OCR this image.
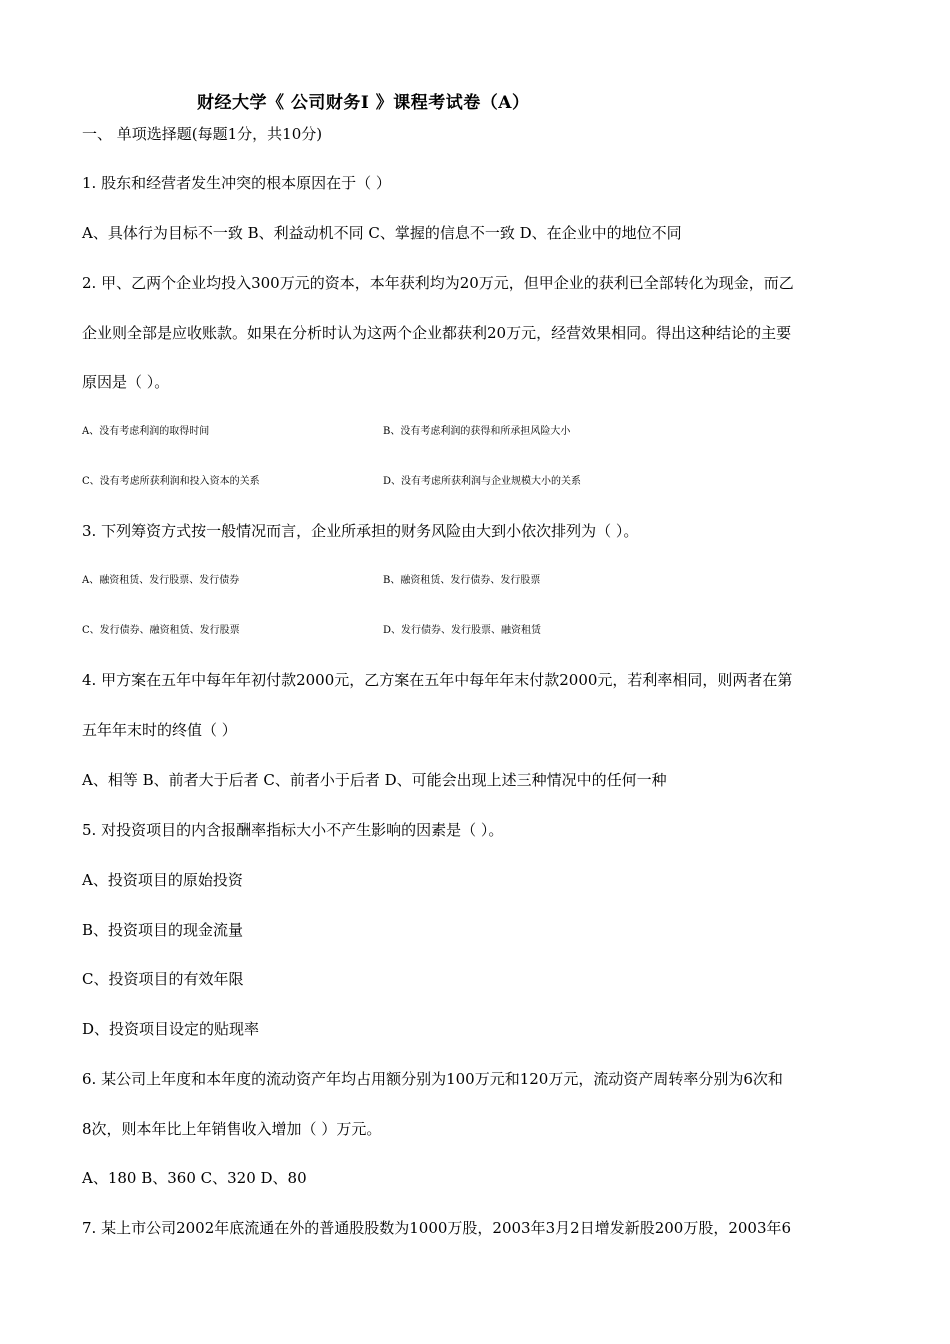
财经大学《 公司财务Ⅰ 》课程考试卷（A）
一、 单项选择题(每题1分，共10分)
1. 股东和经营者发生冲突的根本原因在于（ ）
A、具体行为目标不一致 B、利益动机不同 C、掌握的信息不一致 D、在企业中的地位不同
2. 甲、乙两个企业均投入300万元的资本，本年获利均为20万元，但甲企业的获利已全部转化为现金，而乙
企业则全部是应收账款。如果在分析时认为这两个企业都获利20万元，经营效果相同。得出这种结论的主要
原因是（ ）。
A、没有考虑利润的取得时间	B、没有考虑利润的获得和所承担风险大小
C、没有考虑所获利润和投入资本的关系	D、没有考虑所获利润与企业规模大小的关系
3. 下列筹资方式按一般情况而言，企业所承担的财务风险由大到小依次排列为（ ）。
A、融资租赁、发行股票、发行债券	B、融资租赁、发行债券、发行股票
C、发行债券、融资租赁、发行股票	D、发行债券、发行股票、融资租赁
4. 甲方案在五年中每年年初付款2000元，乙方案在五年中每年年末付款2000元，若利率相同，则两者在第
五年年末时的终值（ ）
A、相等 B、前者大于后者 C、前者小于后者 D、可能会出现上述三种情况中的任何一种
5. 对投资项目的内含报酬率指标大小不产生影响的因素是（ ）。
A、投资项目的原始投资
B、投资项目的现金流量
C、投资项目的有效年限
D、投资项目设定的贴现率
6. 某公司上年度和本年度的流动资产年均占用额分别为100万元和120万元，流动资产周转率分别为6次和
8次，则本年比上年销售收入增加（ ）万元。
A、180 B、360 C、320 D、80
7. 某上市公司2002年底流通在外的普通股股数为1000万股，2003年3月2日增发新股200万股，2003年6
